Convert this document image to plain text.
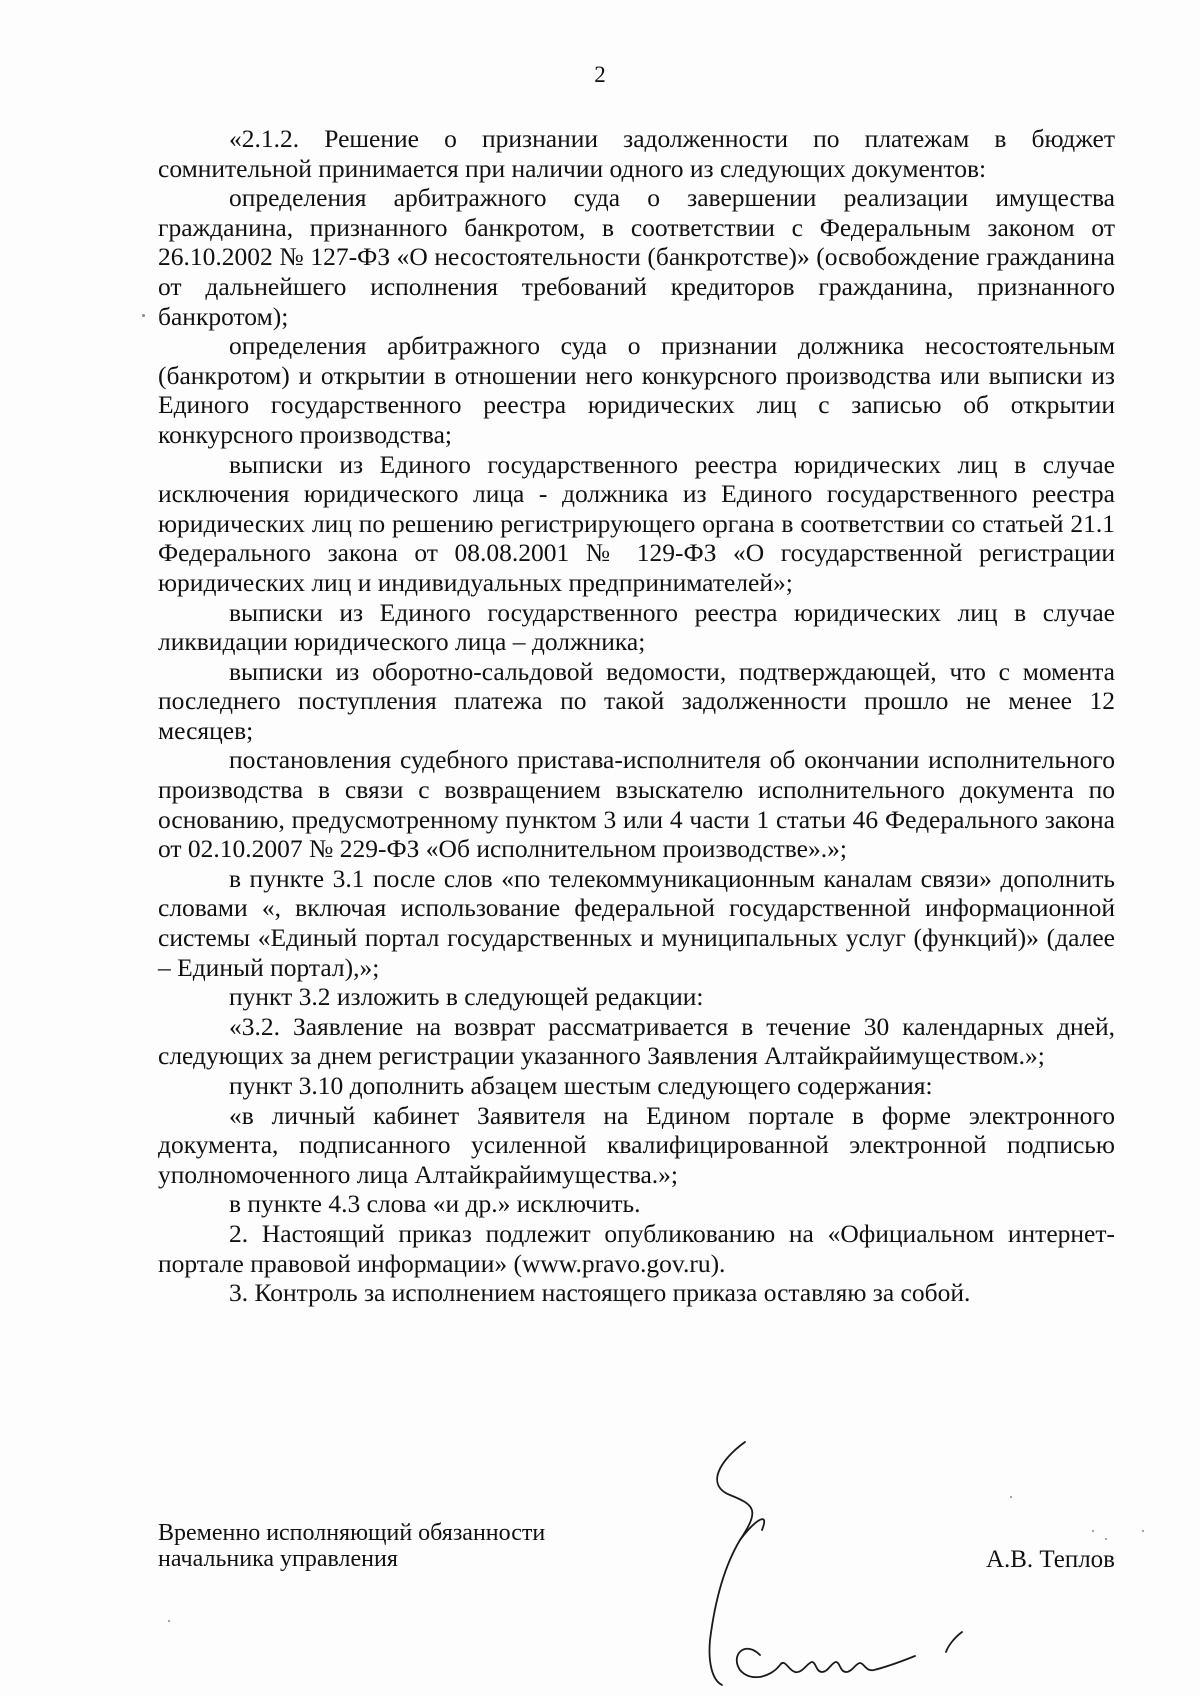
2

«2.1.2. Решение о признании задолженности по платежам в бюджет сомнительной принимается при наличии одного из следующих документов:

определения арбитражного суда о завершении реализации имущества гражданина, признанного банкротом, в соответствии с Федеральным законом от 26.10.2002 № 127-ФЗ «О несостоятельности (банкротстве)» (освобождение гражданина от дальнейшего исполнения требований кредиторов гражданина, признанного банкротом);

определения арбитражного суда о признании должника несостоятельным (банкротом) и открытии в отношении него конкурсного производства или выписки из Единого государственного реестра юридических лиц с записью об открытии конкурсного производства;

выписки из Единого государственного реестра юридических лиц в случае исключения юридического лица - должника из Единого государственного реестра юридических лиц по решению регистрирующего органа в соответствии со статьей 21.1 Федерального закона от 08.08.2001 № 129-ФЗ «О государственной регистрации юридических лиц и индивидуальных предпринимателей»;

выписки из Единого государственного реестра юридических лиц в случае ликвидации юридического лица – должника;

выписки из оборотно-сальдовой ведомости, подтверждающей, что с момента последнего поступления платежа по такой задолженности прошло не менее 12 месяцев;

постановления судебного пристава-исполнителя об окончании исполнительного производства в связи с возвращением взыскателю исполнительного документа по основанию, предусмотренному пунктом 3 или 4 части 1 статьи 46 Федерального закона от 02.10.2007 № 229-ФЗ «Об исполнительном производстве».»;

в пункте 3.1 после слов «по телекоммуникационным каналам связи» дополнить словами «, включая использование федеральной государственной информационной системы «Единый портал государственных и муниципальных услуг (функций)» (далее – Единый портал),»;

пункт 3.2 изложить в следующей редакции:

«3.2. Заявление на возврат рассматривается в течение 30 календарных дней, следующих за днем регистрации указанного Заявления Алтайкрайимуществом.»;

пункт 3.10 дополнить абзацем шестым следующего содержания:

«в личный кабинет Заявителя на Едином портале в форме электронного документа, подписанного усиленной квалифицированной электронной подписью уполномоченного лица Алтайкрайимущества.»;

в пункте 4.3 слова «и др.» исключить.

2. Настоящий приказ подлежит опубликованию на «Официальном интернет-портале правовой информации» (www.pravo.gov.ru).

3. Контроль за исполнением настоящего приказа оставляю за собой.

Временно исполняющий обязанности
начальника управления	А.В. Теплов
